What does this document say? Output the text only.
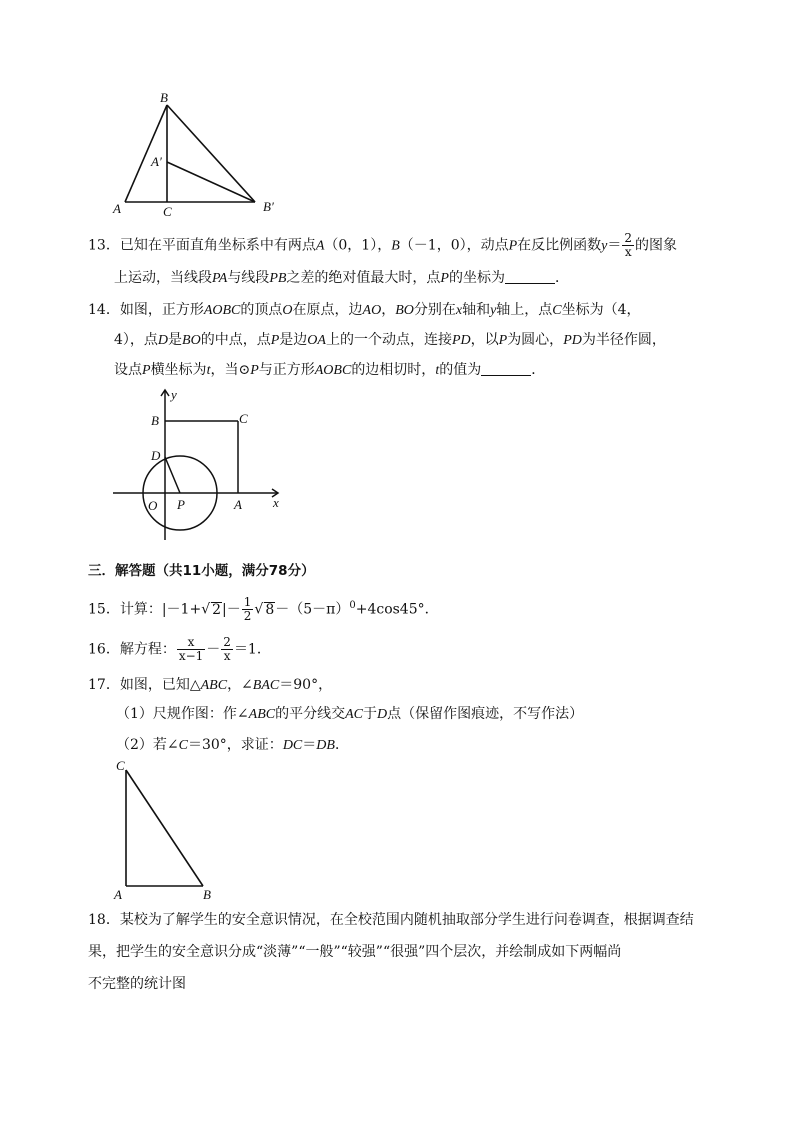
B
A′
A	C	B′
13．已知在平面直角坐标系中有两点A（0，1），B（－1，0），动点P在反比例函数$y= \frac{2}{x}$ 的图象
上运动，当线段PA与线段PB之差的绝对值最大时，点P的坐标为	．
14．如图，正方形AOBC的顶点O在原点，边AO，BO分别在x轴和y轴上，点C坐标为（4，
4），点D是BO的中点，点P是边OA上的一个动点，连接PD，以P为圆心，PD为半径作圆，
设点P横坐标为t，当⊙P与正方形AOBC的边相切时，t的值为	．
y
B	C
D
O P	A x
三．解答题（共11小题，满分78分）
15．计算：|－1+√ $2|- \frac{1}{2}$ √ $8-(5-\pi)^0+4\cos 45^\circ$．
16．解方程： $\frac{x}{x-1} - \frac{2}{x} =1$．
17．如图，已知△ABC，∠BAC＝90°，
（1）尺规作图：作∠ABC的平分线交AC于D点（保留作图痕迹，不写作法）
（2）若∠C＝30°，求证：DC＝DB．
C
A	B
18．某校为了解学生的安全意识情况，在全校范围内随机抽取部分学生进行问卷调查，根据调查结
果，把学生的安全意识分成“淡薄”“一般”“较强”“很强”四个层次，并绘制成如下两幅尚
不完整的统计图
